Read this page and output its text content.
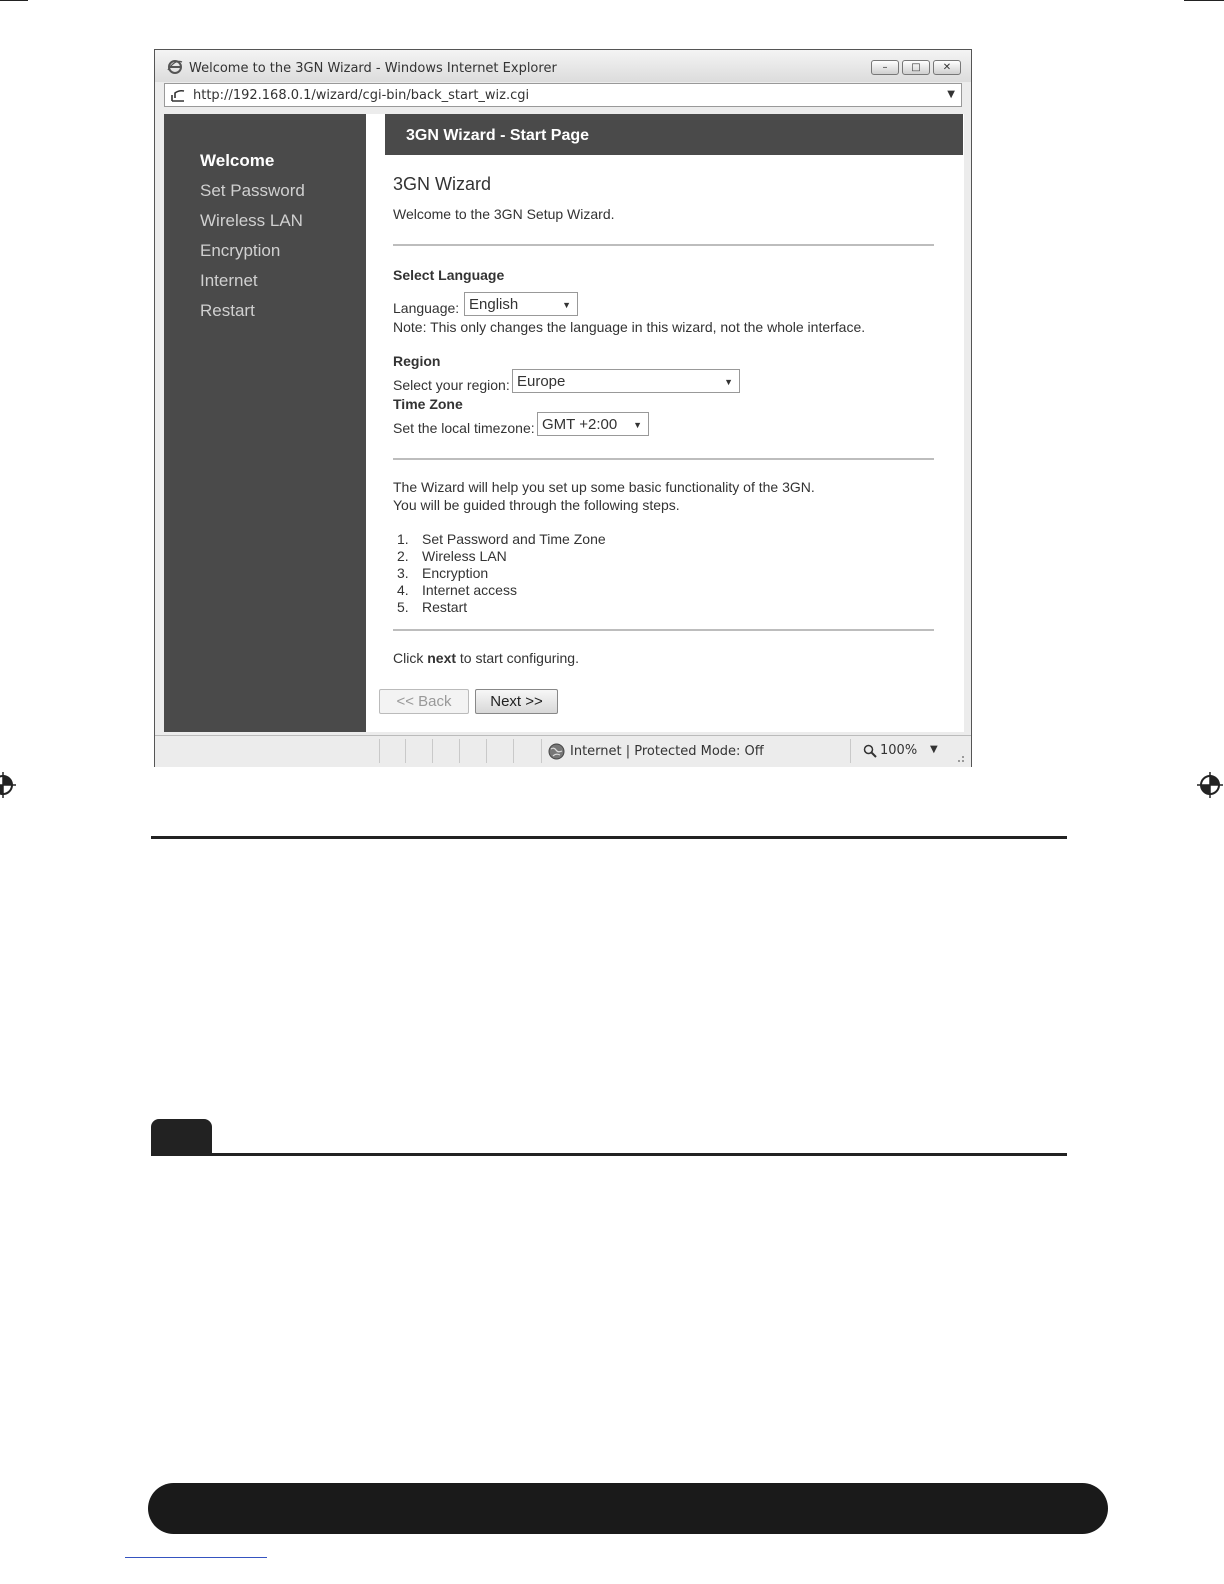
Welcome to the 3GN Wizard - Windows Internet Explorer	–	□	✕
http://192.168.0.1/wizard/cgi-bin/back_start_wiz.cgi	▼
Welcome
Set Password
Wireless LAN
Encryption
Internet
Restart
3GN Wizard - Start Page
3GN Wizard
Welcome to the 3GN Setup Wizard.
Select Language
Language: English	▼
Note: This only changes the language in this wizard, not the whole interface.
Region
Select your region: Europe	▼
Time Zone
Set the local timezone: GMT +2:00 ▼
The Wizard will help you set up some basic functionality of the 3GN.
You will be guided through the following steps.
1. Set Password and Time Zone
2. Wireless LAN
3. Encryption
4. Internet access
5. Restart
Click next to start configuring.
<< Back	Next >>
Internet | Protected Mode: Off	100% ▼
